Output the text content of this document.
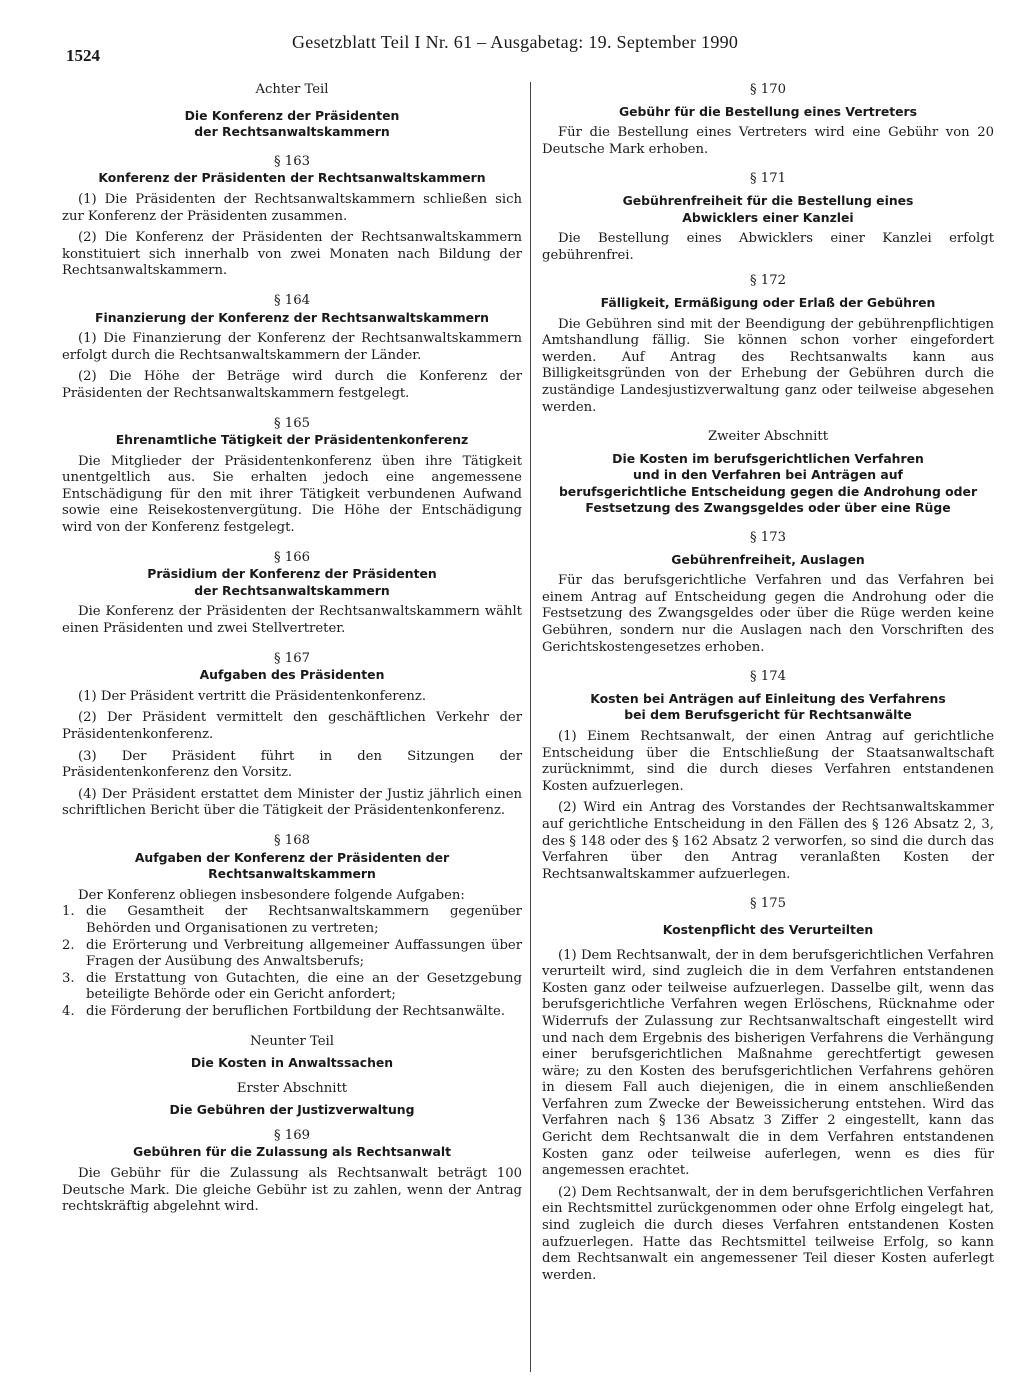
1524
Gesetzblatt Teil I Nr. 61 – Ausgabetag: 19. September 1990
Achter Teil
Die Konferenz der Präsidenten
der Rechtsanwaltskammern
§ 163
Konferenz der Präsidenten der Rechtsanwaltskammern

(1) Die Präsidenten der Rechtsanwaltskammern schließen sich zur Konferenz der Präsidenten zusammen.

(2) Die Konferenz der Präsidenten der Rechtsanwaltskammern konstituiert sich innerhalb von zwei Monaten nach Bildung der Rechtsanwaltskammern.

§ 164
Finanzierung der Konferenz der Rechtsanwaltskammern

(1) Die Finanzierung der Konferenz der Rechtsanwaltskammern erfolgt durch die Rechtsanwaltskammern der Länder.

(2) Die Höhe der Beträge wird durch die Konferenz der Präsidenten der Rechtsanwaltskammern festgelegt.

§ 165
Ehrenamtliche Tätigkeit der Präsidentenkonferenz

Die Mitglieder der Präsidentenkonferenz üben ihre Tätigkeit unentgeltlich aus. Sie erhalten jedoch eine angemessene Entschädigung für den mit ihrer Tätigkeit verbundenen Aufwand sowie eine Reisekostenvergütung. Die Höhe der Entschädigung wird von der Konferenz festgelegt.

§ 166
Präsidium der Konferenz der Präsidenten
der Rechtsanwaltskammern

Die Konferenz der Präsidenten der Rechtsanwaltskammern wählt einen Präsidenten und zwei Stellvertreter.

§ 167
Aufgaben des Präsidenten

(1) Der Präsident vertritt die Präsidentenkonferenz.

(2) Der Präsident vermittelt den geschäftlichen Verkehr der Präsidentenkonferenz.

(3) Der Präsident führt in den Sitzungen der Präsidentenkonferenz den Vorsitz.

(4) Der Präsident erstattet dem Minister der Justiz jährlich einen schriftlichen Bericht über die Tätigkeit der Präsidentenkonferenz.

§ 168
Aufgaben der Konferenz der Präsidenten der
Rechtsanwaltskammern

Der Konferenz obliegen insbesondere folgende Aufgaben:

1. die Gesamtheit der Rechtsanwaltskammern gegenüber Behörden und Organisationen zu vertreten;
2. die Erörterung und Verbreitung allgemeiner Auffassungen über Fragen der Ausübung des Anwaltsberufs;
3. die Erstattung von Gutachten, die eine an der Gesetzgebung beteiligte Behörde oder ein Gericht anfordert;
4. die Förderung der beruflichen Fortbildung der Rechtsanwälte.
Neunter Teil
Die Kosten in Anwaltssachen
Erster Abschnitt
Die Gebühren der Justizverwaltung
§ 169
Gebühren für die Zulassung als Rechtsanwalt

Die Gebühr für die Zulassung als Rechtsanwalt beträgt 100 Deutsche Mark. Die gleiche Gebühr ist zu zahlen, wenn der Antrag rechtskräftig abgelehnt wird.

§ 170
Gebühr für die Bestellung eines Vertreters

Für die Bestellung eines Vertreters wird eine Gebühr von 20 Deutsche Mark erhoben.

§ 171
Gebührenfreiheit für die Bestellung eines
Abwicklers einer Kanzlei

Die Bestellung eines Abwicklers einer Kanzlei erfolgt gebührenfrei.

§ 172
Fälligkeit, Ermäßigung oder Erlaß der Gebühren

Die Gebühren sind mit der Beendigung der gebührenpflichtigen Amtshandlung fällig. Sie können schon vorher eingefordert werden. Auf Antrag des Rechtsanwalts kann aus Billigkeitsgründen von der Erhebung der Gebühren durch die zuständige Landesjustizverwaltung ganz oder teilweise abgesehen werden.

Zweiter Abschnitt
Die Kosten im berufsgerichtlichen Verfahren
und in den Verfahren bei Anträgen auf
berufsgerichtliche Entscheidung gegen die Androhung oder
Festsetzung des Zwangsgeldes oder über eine Rüge
§ 173
Gebührenfreiheit, Auslagen

Für das berufsgerichtliche Verfahren und das Verfahren bei einem Antrag auf Entscheidung gegen die Androhung oder die Festsetzung des Zwangsgeldes oder über die Rüge werden keine Gebühren, sondern nur die Auslagen nach den Vorschriften des Gerichtskostengesetzes erhoben.

§ 174
Kosten bei Anträgen auf Einleitung des Verfahrens
bei dem Berufsgericht für Rechtsanwälte

(1) Einem Rechtsanwalt, der einen Antrag auf gerichtliche Entscheidung über die Entschließung der Staatsanwaltschaft zurücknimmt, sind die durch dieses Verfahren entstandenen Kosten aufzuerlegen.

(2) Wird ein Antrag des Vorstandes der Rechtsanwaltskammer auf gerichtliche Entscheidung in den Fällen des § 126 Absatz 2, 3, des § 148 oder des § 162 Absatz 2 verworfen, so sind die durch das Verfahren über den Antrag veranlaßten Kosten der Rechtsanwaltskammer aufzuerlegen.

§ 175
Kostenpflicht des Verurteilten

(1) Dem Rechtsanwalt, der in dem berufsgerichtlichen Verfahren verurteilt wird, sind zugleich die in dem Verfahren entstandenen Kosten ganz oder teilweise aufzuerlegen. Dasselbe gilt, wenn das berufsgerichtliche Verfahren wegen Erlöschens, Rücknahme oder Widerrufs der Zulassung zur Rechtsanwaltschaft eingestellt wird und nach dem Ergebnis des bisherigen Verfahrens die Verhängung einer berufsgerichtlichen Maßnahme gerechtfertigt gewesen wäre; zu den Kosten des berufsgerichtlichen Verfahrens gehören in diesem Fall auch diejenigen, die in einem anschließenden Verfahren zum Zwecke der Beweissicherung entstehen. Wird das Verfahren nach § 136 Absatz 3 Ziffer 2 eingestellt, kann das Gericht dem Rechtsanwalt die in dem Verfahren entstandenen Kosten ganz oder teilweise auferlegen, wenn es dies für angemessen erachtet.

(2) Dem Rechtsanwalt, der in dem berufsgerichtlichen Verfahren ein Rechtsmittel zurückgenommen oder ohne Erfolg eingelegt hat, sind zugleich die durch dieses Verfahren entstandenen Kosten aufzuerlegen. Hatte das Rechtsmittel teilweise Erfolg, so kann dem Rechtsanwalt ein angemessener Teil dieser Kosten auferlegt werden.
